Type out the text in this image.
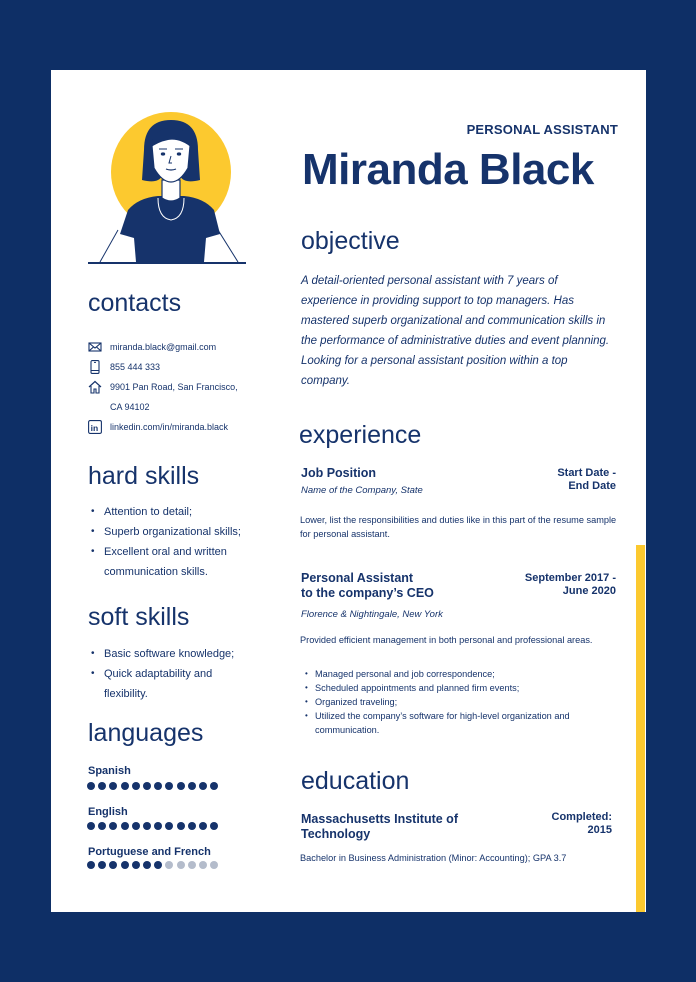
contacts
miranda.black@gmail.com
855 444 333
9901 Pan Road, San Francisco,
CA 94102
in linkedin.com/in/miranda.black
hard skills
• Attention to detail;
• Superb organizational skills;
• Excellent oral and written
communication skills.
soft skills
• Basic software knowledge;
• Quick adaptability and
flexibility.
languages
Spanish
English
Portuguese and French
PERSONAL ASSISTANT
Miranda Black
objective
A detail-oriented personal assistant with 7 years of experience in providing support to top managers. Has mastered superb organizational and communication skills in the performance of administrative duties and event planning. Looking for a personal assistant position within a top company.
experience
Job Position	Start Date -
End Date
Name of the Company, State
Lower, list the responsibilities and duties like in this part of the resume sample for personal assistant.
Personal Assistant
to the company’s CEO
September 2017 -
June 2020
Florence & Nightingale, New York
Provided efficient management in both personal and professional areas.
• Managed personal and job correspondence;
• Scheduled appointments and planned firm events;
• Organized traveling;
• Utilized the company’s software for high-level organization and communication.
education
Massachusetts Institute of
Technology
Completed:
2015
Bachelor in Business Administration (Minor: Accounting); GPA 3.7
